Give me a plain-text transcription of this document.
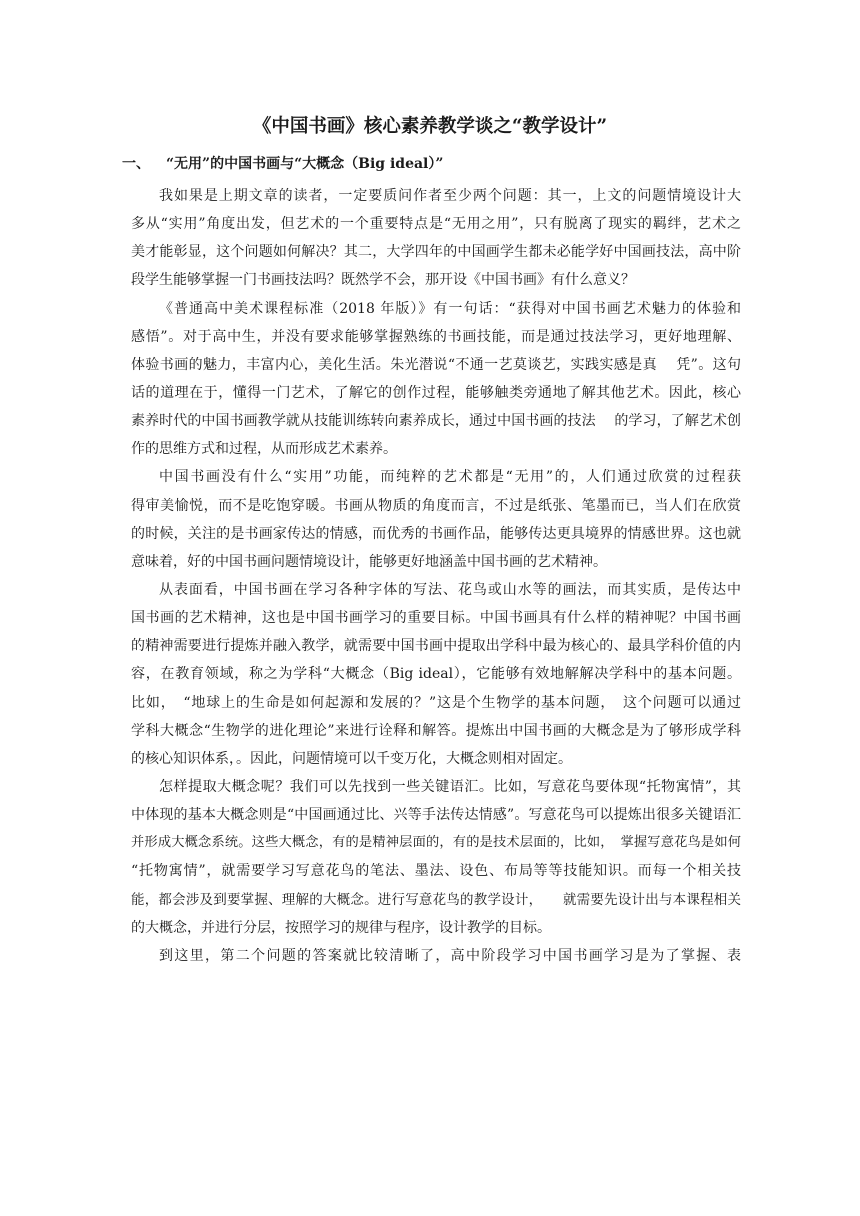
《中国书画》核心素养教学谈之“教学设计”
一、 “无用”的中国书画与“大概念（Big ideal）”
我如果是上期文章的读者，一定要质问作者至少两个问题：其一，上文的问题情境设计大
多从“实用”角度出发，但艺术的一个重要特点是“无用之用”，只有脱离了现实的羁绊，艺术之
美才能彰显，这个问题如何解决？其二，大学四年的中国画学生都未必能学好中国画技法，高中阶
段学生能够掌握一门书画技法吗？既然学不会，那开设《中国书画》有什么意义？
《普通高中美术课程标准（2018 年版）》有一句话：“获得对中国书画艺术魅力的体验和
感悟”。对于高中生，并没有要求能够掌握熟练的书画技能，而是通过技法学习，更好地理解、
体验书画的魅力，丰富内心，美化生活。朱光潜说“不通一艺莫谈艺，实践实感是真　 凭”。这句
话的道理在于，懂得一门艺术，了解它的创作过程，能够触类旁通地了解其他艺术。因此，核心
素养时代的中国书画教学就从技能训练转向素养成长，通过中国书画的技法　 的学习，了解艺术创
作的思维方式和过程，从而形成艺术素养。
中国书画没有什么“实用”功能，而纯粹的艺术都是“无用”的，人们通过欣赏的过程获
得审美愉悦，而不是吃饱穿暖。书画从物质的角度而言，不过是纸张、笔墨而已，当人们在欣赏
的时候，关注的是书画家传达的情感，而优秀的书画作品，能够传达更具境界的情感世界。这也就
意味着，好的中国书画问题情境设计，能够更好地涵盖中国书画的艺术精神。
从表面看，中国书画在学习各种字体的写法、花鸟或山水等的画法，而其实质，是传达中
国书画的艺术精神，这也是中国书画学习的重要目标。中国书画具有什么样的精神呢？中国书画
的精神需要进行提炼并融入教学，就需要中国书画中提取出学科中最为核心的、最具学科价值的内
容，在教育领域，称之为学科“大概念（Big ideal），它能够有效地解解决学科中的基本问题。
比如，　“地球上的生命是如何起源和发展的？”这是个生物学的基本问题，　这个问题可以通过
学科大概念“生物学的进化理论”来进行诠释和解答。提炼出中国书画的大概念是为了够形成学科
的核心知识体系，。因此，问题情境可以千变万化，大概念则相对固定。
怎样提取大概念呢？我们可以先找到一些关键语汇。比如，写意花鸟要体现“托物寓情”，其
中体现的基本大概念则是“中国画通过比、兴等手法传达情感”。写意花鸟可以提炼出很多关键语汇
并形成大概念系统。这些大概念，有的是精神层面的，有的是技术层面的，比如，　掌握写意花鸟是如何
“托物寓情”，就需要学习写意花鸟的笔法、墨法、设色、布局等等技能知识。而每一个相关技
能，都会涉及到要掌握、理解的大概念。进行写意花鸟的教学设计，　　就需要先设计出与本课程相关
的大概念，并进行分层，按照学习的规律与程序，设计教学的目标。
到这里，第二个问题的答案就比较清晰了，高中阶段学习中国书画学习是为了掌握、表
